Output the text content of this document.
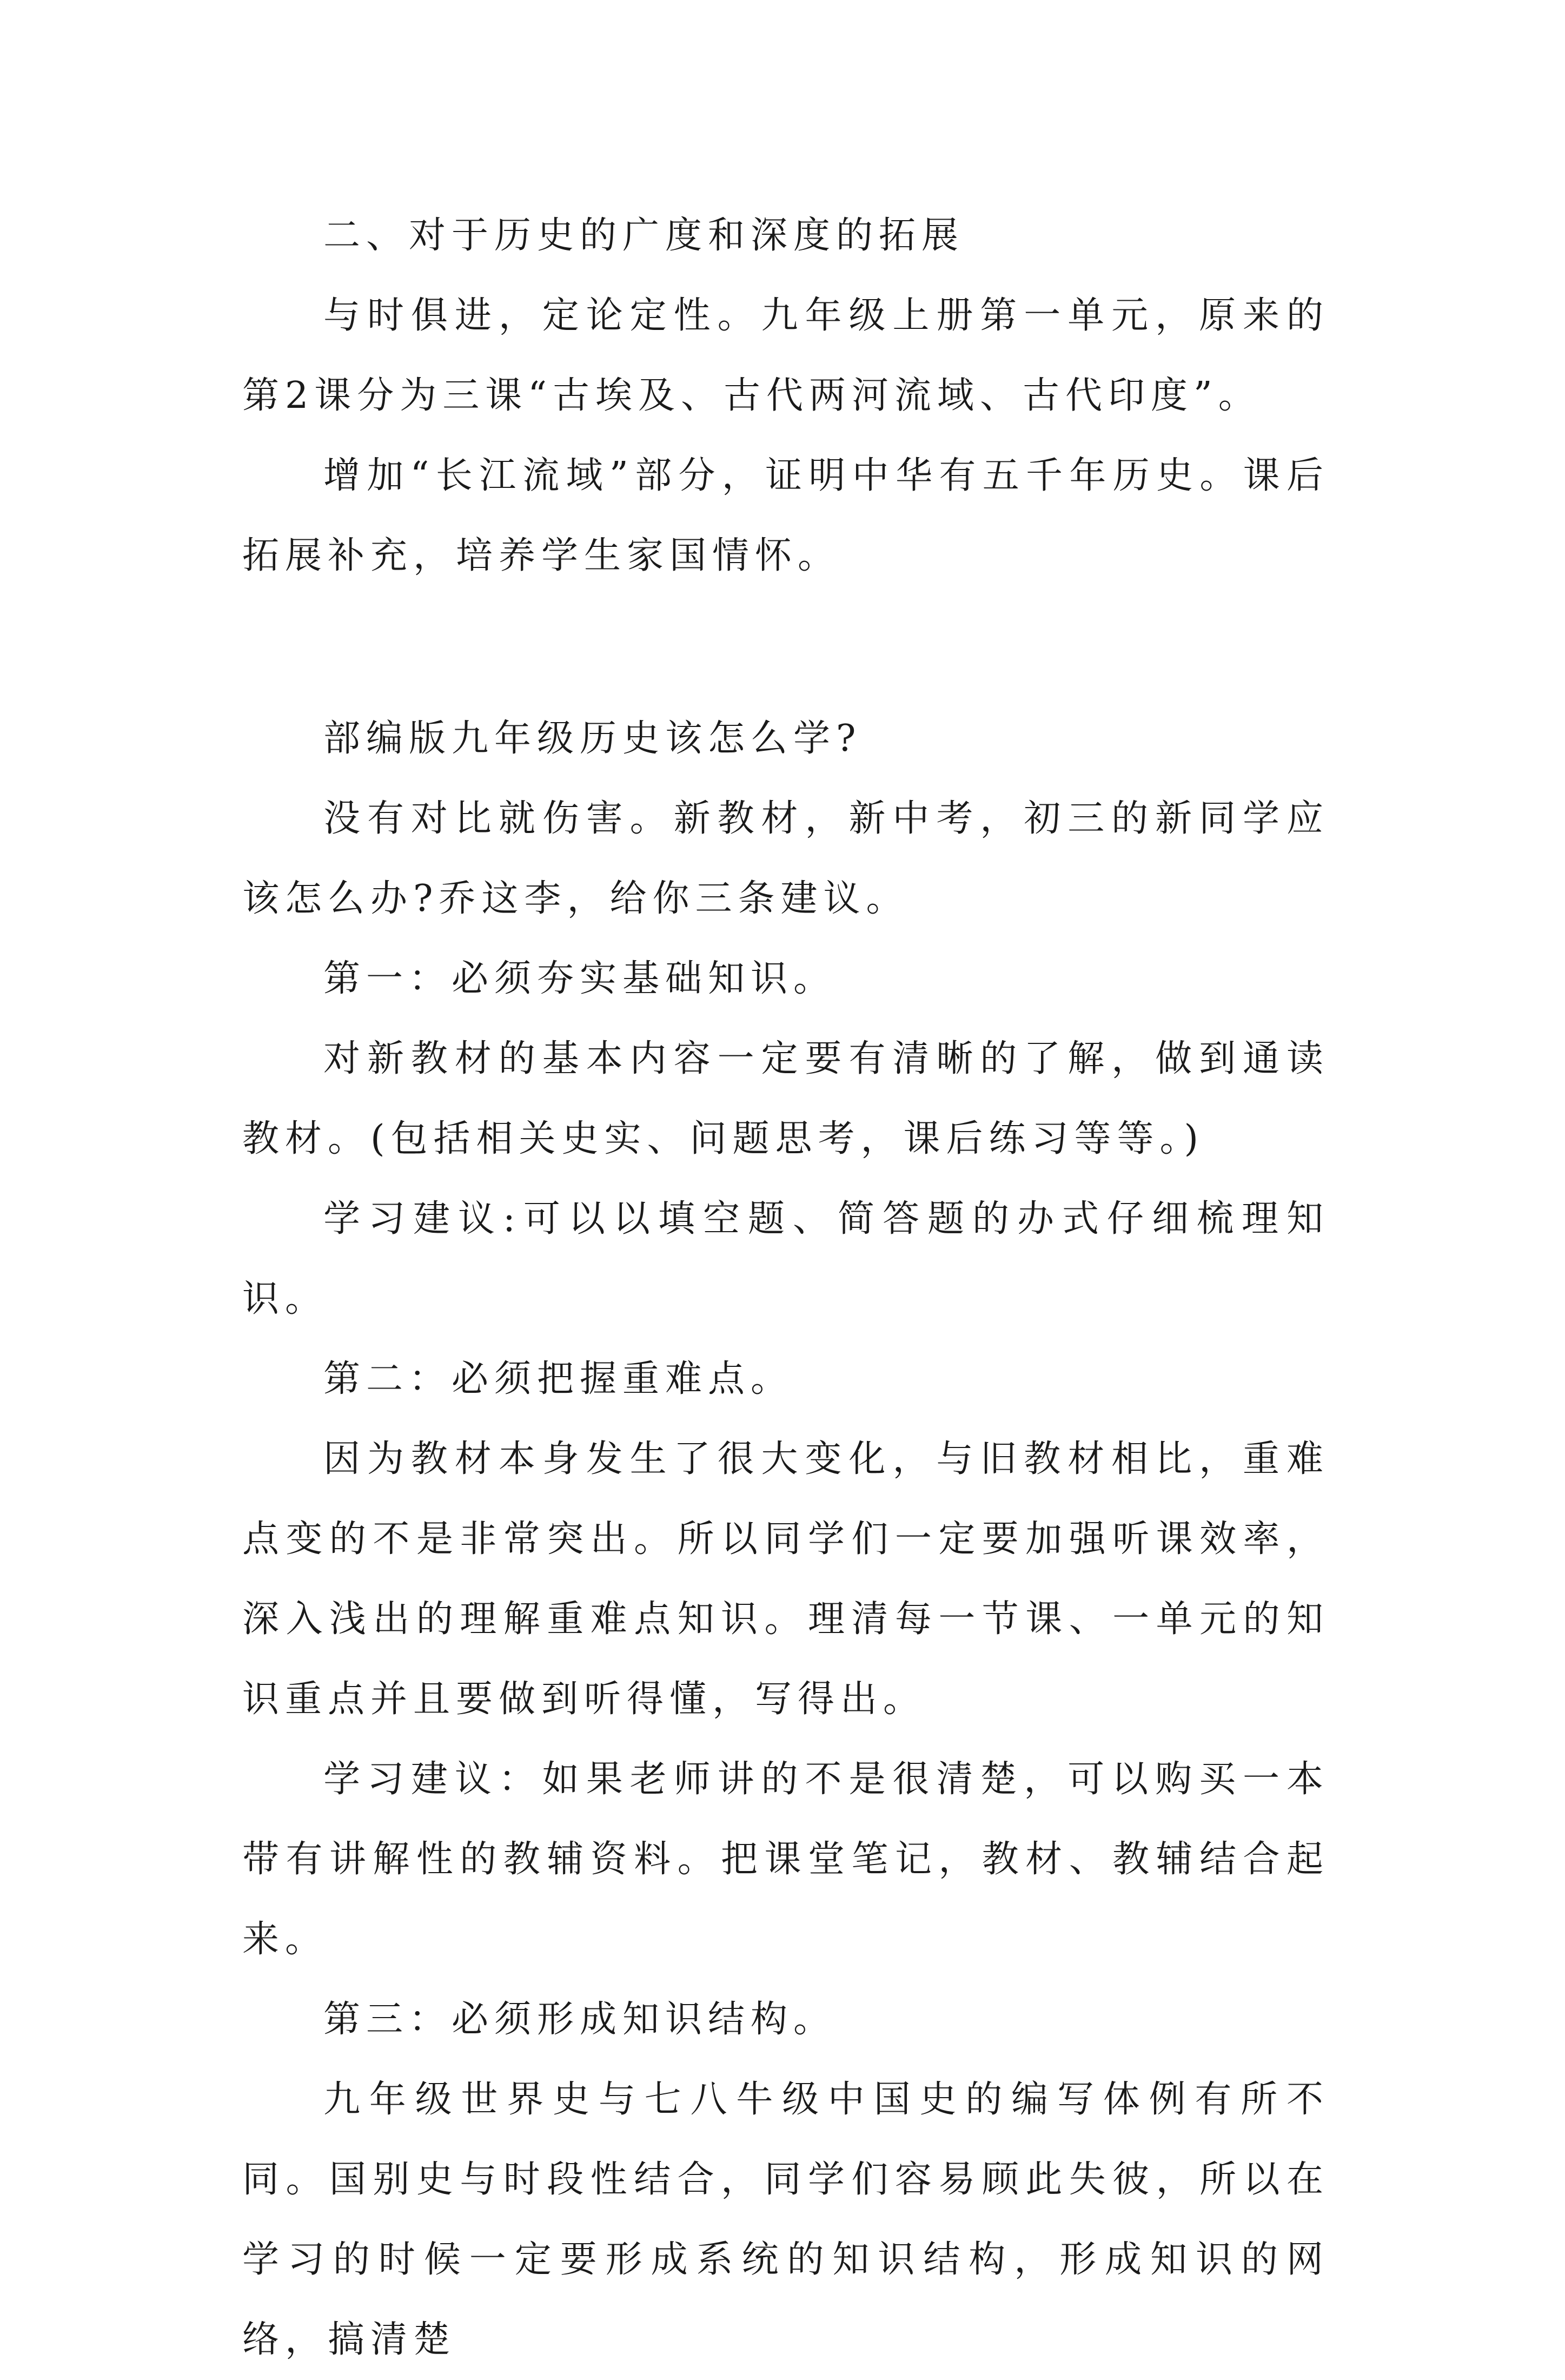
二、对于历史的广度和深度的拓展

与时俱进，定论定性。九年级上册第一单元，原来的第2课分为三课“古埃及、古代两河流域、古代印度”。

增加“长江流域”部分，证明中华有五千年历史。课后拓展补充，培养学生家国情怀。

部编版九年级历史该怎么学?

没有对比就伤害。新教材，新中考，初三的新同学应该怎么办?乔这李，给你三条建议。

第一：必须夯实基础知识。

对新教材的基本内容一定要有清晰的了解，做到通读教材。(包括相关史实、问题思考，课后练习等等。)

学习建议:可以以填空题、简答题的办式仔细梳理知识。

第二：必须把握重难点。

因为教材本身发生了很大变化，与旧教材相比，重难点变的不是非常突出。所以同学们一定要加强听课效率，深入浅出的理解重难点知识。理清每一节课、一单元的知识重点并且要做到听得懂，写得出。

学习建议：如果老师讲的不是很清楚，可以购买一本带有讲解性的教辅资料。把课堂笔记，教材、教辅结合起来。

第三：必须形成知识结构。

九年级世界史与七八牛级中国史的编写体例有所不同。国别史与时段性结合，同学们容易顾此失彼，所以在学习的时候一定要形成系统的知识结构，形成知识的网络，搞清楚
